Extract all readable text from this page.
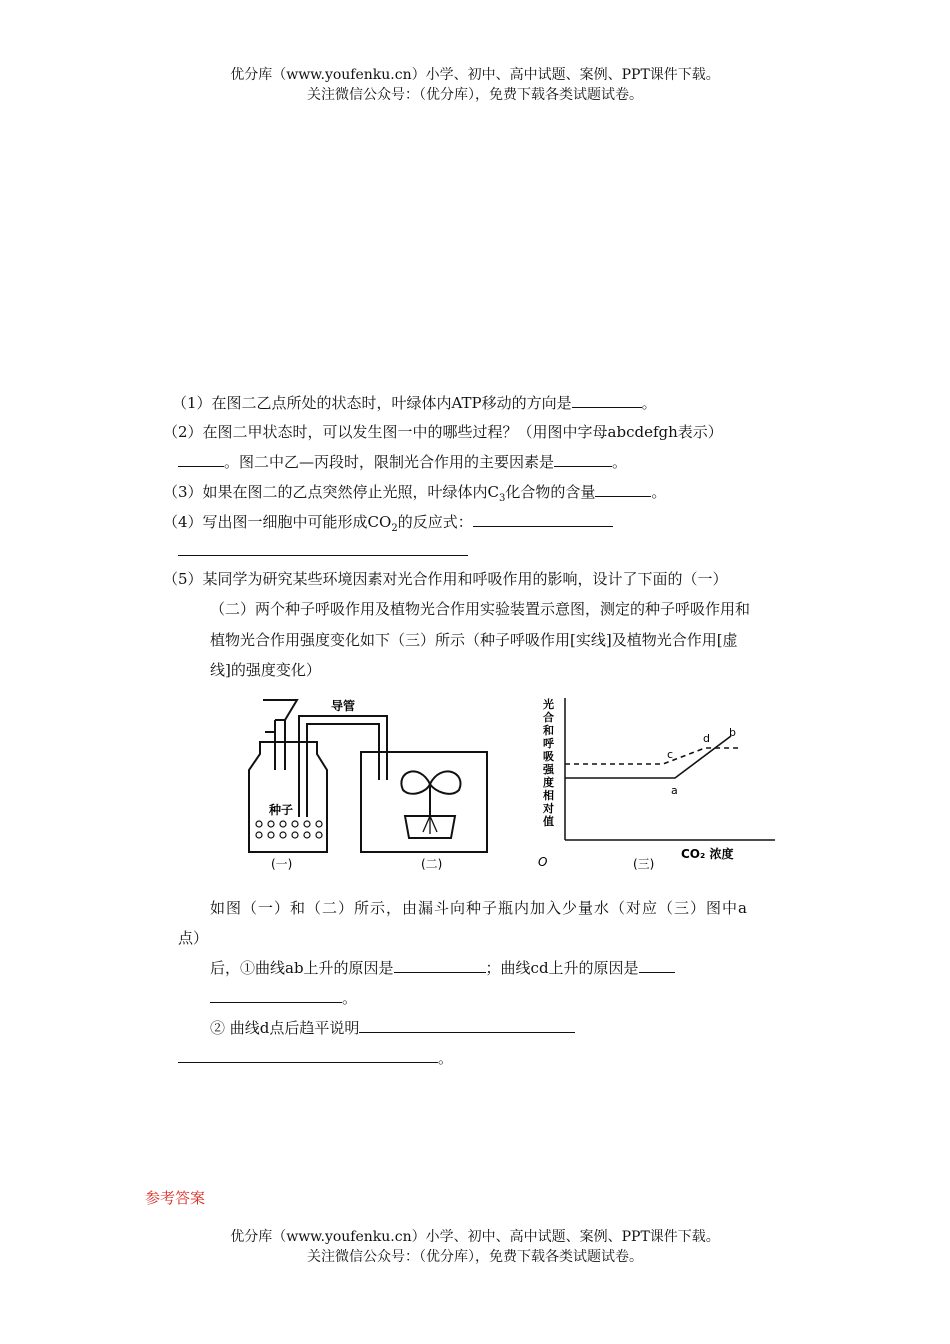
优分库（www.youfenku.cn）小学、初中、高中试题、案例、PPT课件下载。
关注微信公众号：（优分库），免费下载各类试题试卷。
（1）在图二乙点所处的状态时，叶绿体内ATP移动的方向是	。
（2）在图二甲状态时，可以发生图一中的哪些过程？（用图中字母abcdefgh表示）
。图二中乙—丙段时，限制光合作用的主要因素是	。
（3）如果在图二的乙点突然停止光照，叶绿体内$C_3$化合物的含量	。
（4）写出图一细胞中可能形成$CO_2$的反应式：
（5）某同学为研究某些环境因素对光合作用和呼吸作用的影响，设计了下面的（一）
（二）两个种子呼吸作用及植物光合作用实验装置示意图，测定的种子呼吸作用和
植物光合作用强度变化如下（三）所示（种子呼吸作用[实线]及植物光合作用[虚
线]的强度变化）
种子
导管
(一)	(二)	O
光
合
和
呼
吸
强
度
相
对
值
a
c
d b
CO₂ 浓度
(三)
如图（一）和（二）所示，由漏斗向种子瓶内加入少量水（对应（三）图中a
点）
后，①曲线ab上升的原因是	；曲线cd上升的原因是
。
② 曲线d点后趋平说明
。
参考答案
优分库（www.youfenku.cn）小学、初中、高中试题、案例、PPT课件下载。
关注微信公众号：（优分库），免费下载各类试题试卷。
